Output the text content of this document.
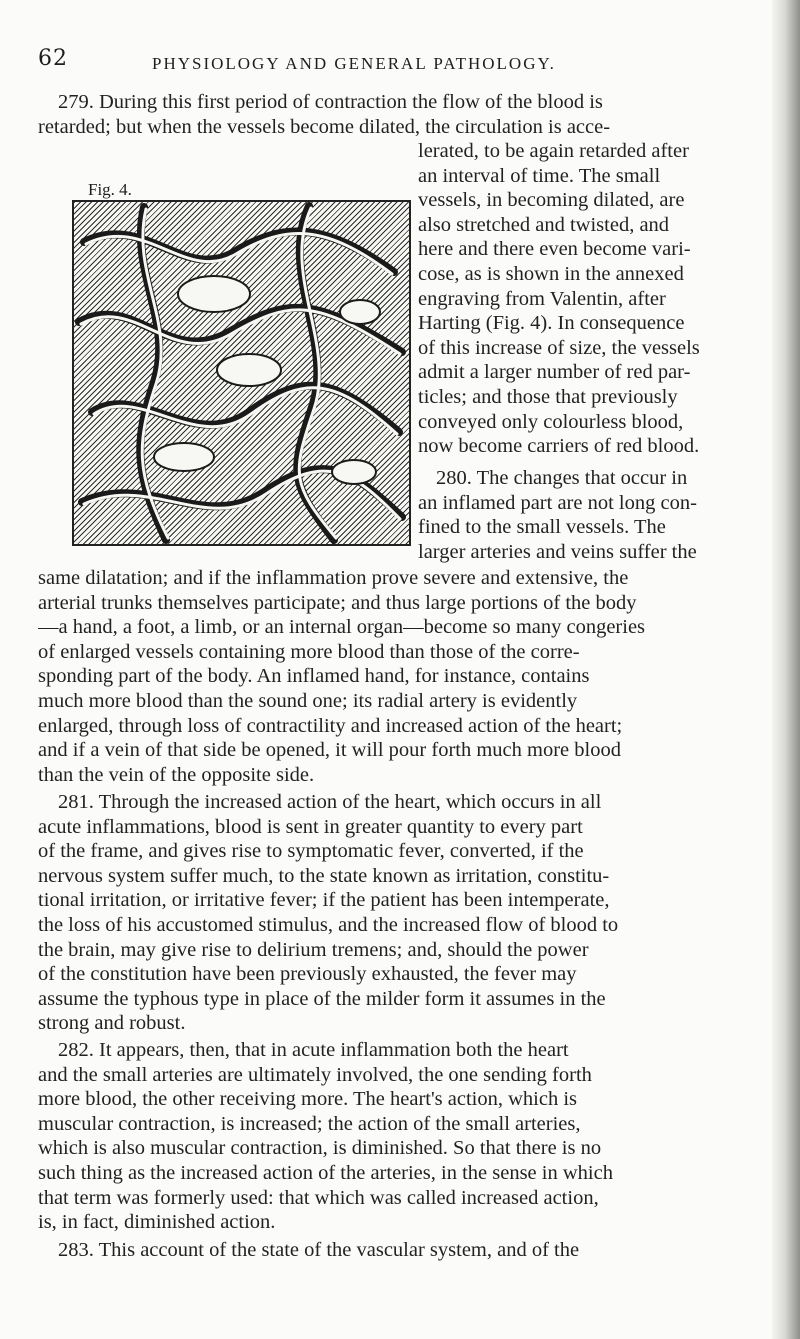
62	PHYSIOLOGY AND GENERAL PATHOLOGY.
279. During this first period of contraction the flow of the blood is
retarded; but when the vessels become dilated, the circulation is acce-
Fig. 4.
lerated, to be again retarded after
an interval of time. The small
vessels, in becoming dilated, are
also stretched and twisted, and
here and there even become vari-
cose, as is shown in the annexed
engraving from Valentin, after
Harting (Fig. 4). In consequence
of this increase of size, the vessels
admit a larger number of red par-
ticles; and those that previously
conveyed only colourless blood,
now become carriers of red blood.
280. The changes that occur in
an inflamed part are not long con-
fined to the small vessels. The
larger arteries and veins suffer the
same dilatation; and if the inflammation prove severe and extensive, the
arterial trunks themselves participate; and thus large portions of the body
—a hand, a foot, a limb, or an internal organ—become so many congeries
of enlarged vessels containing more blood than those of the corre-
sponding part of the body. An inflamed hand, for instance, contains
much more blood than the sound one; its radial artery is evidently
enlarged, through loss of contractility and increased action of the heart;
and if a vein of that side be opened, it will pour forth much more blood
than the vein of the opposite side.
281. Through the increased action of the heart, which occurs in all
acute inflammations, blood is sent in greater quantity to every part
of the frame, and gives rise to symptomatic fever, converted, if the
nervous system suffer much, to the state known as irritation, constitu-
tional irritation, or irritative fever; if the patient has been intemperate,
the loss of his accustomed stimulus, and the increased flow of blood to
the brain, may give rise to delirium tremens; and, should the power
of the constitution have been previously exhausted, the fever may
assume the typhous type in place of the milder form it assumes in the
strong and robust.
282. It appears, then, that in acute inflammation both the heart
and the small arteries are ultimately involved, the one sending forth
more blood, the other receiving more. The heart's action, which is
muscular contraction, is increased; the action of the small arteries,
which is also muscular contraction, is diminished. So that there is no
such thing as the increased action of the arteries, in the sense in which
that term was formerly used: that which was called increased action,
is, in fact, diminished action.
283. This account of the state of the vascular system, and of the
